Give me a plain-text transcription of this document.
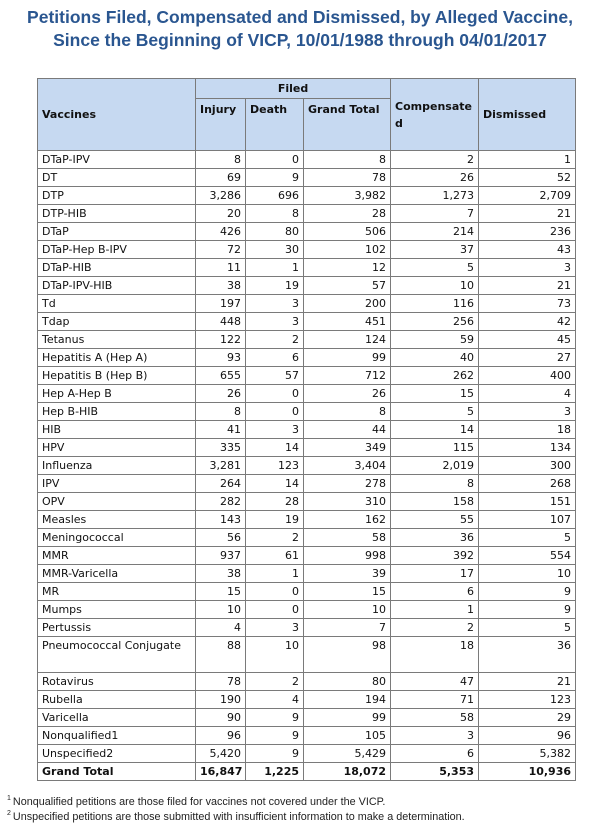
Petitions Filed, Compensated and Dismissed, by Alleged Vaccine,
Since the Beginning of VICP, 10/01/1988 through 04/01/2017
Vaccines	Filed			Compensated	Dismissed
	Injury	Death	Grand Total		
DTaP-IPV	8	0	8	2	1
DT	69	9	78	26	52
DTP	3,286	696	3,982	1,273	2,709
DTP-HIB	20	8	28	7	21
DTaP	426	80	506	214	236
DTaP-Hep B-IPV	72	30	102	37	43
DTaP-HIB	11	1	12	5	3
DTaP-IPV-HIB	38	19	57	10	21
Td	197	3	200	116	73
Tdap	448	3	451	256	42
Tetanus	122	2	124	59	45
Hepatitis A (Hep A)	93	6	99	40	27
Hepatitis B (Hep B)	655	57	712	262	400
Hep A-Hep B	26	0	26	15	4
Hep B-HIB	8	0	8	5	3
HIB	41	3	44	14	18
HPV	335	14	349	115	134
Influenza	3,281	123	3,404	2,019	300
IPV	264	14	278	8	268
OPV	282	28	310	158	151
Measles	143	19	162	55	107
Meningococcal	56	2	58	36	5
MMR	937	61	998	392	554
MMR-Varicella	38	1	39	17	10
MR	15	0	15	6	9
Mumps	10	0	10	1	9
Pertussis	4	3	7	2	5
Pneumococcal Conjugate	88	10	98	18	36
Rotavirus	78	2	80	47	21
Rubella	190	4	194	71	123
Varicella	90	9	99	58	29
Nonqualified1	96	9	105	3	96
Unspecified2	5,420	9	5,429	6	5,382
Grand Total	16,847	1,225	18,072	5,353	10,936
$^1$ Nonqualified petitions are those filed for vaccines not covered under the VICP.
$^2$ Unspecified petitions are those submitted with insufficient information to make a determination.
